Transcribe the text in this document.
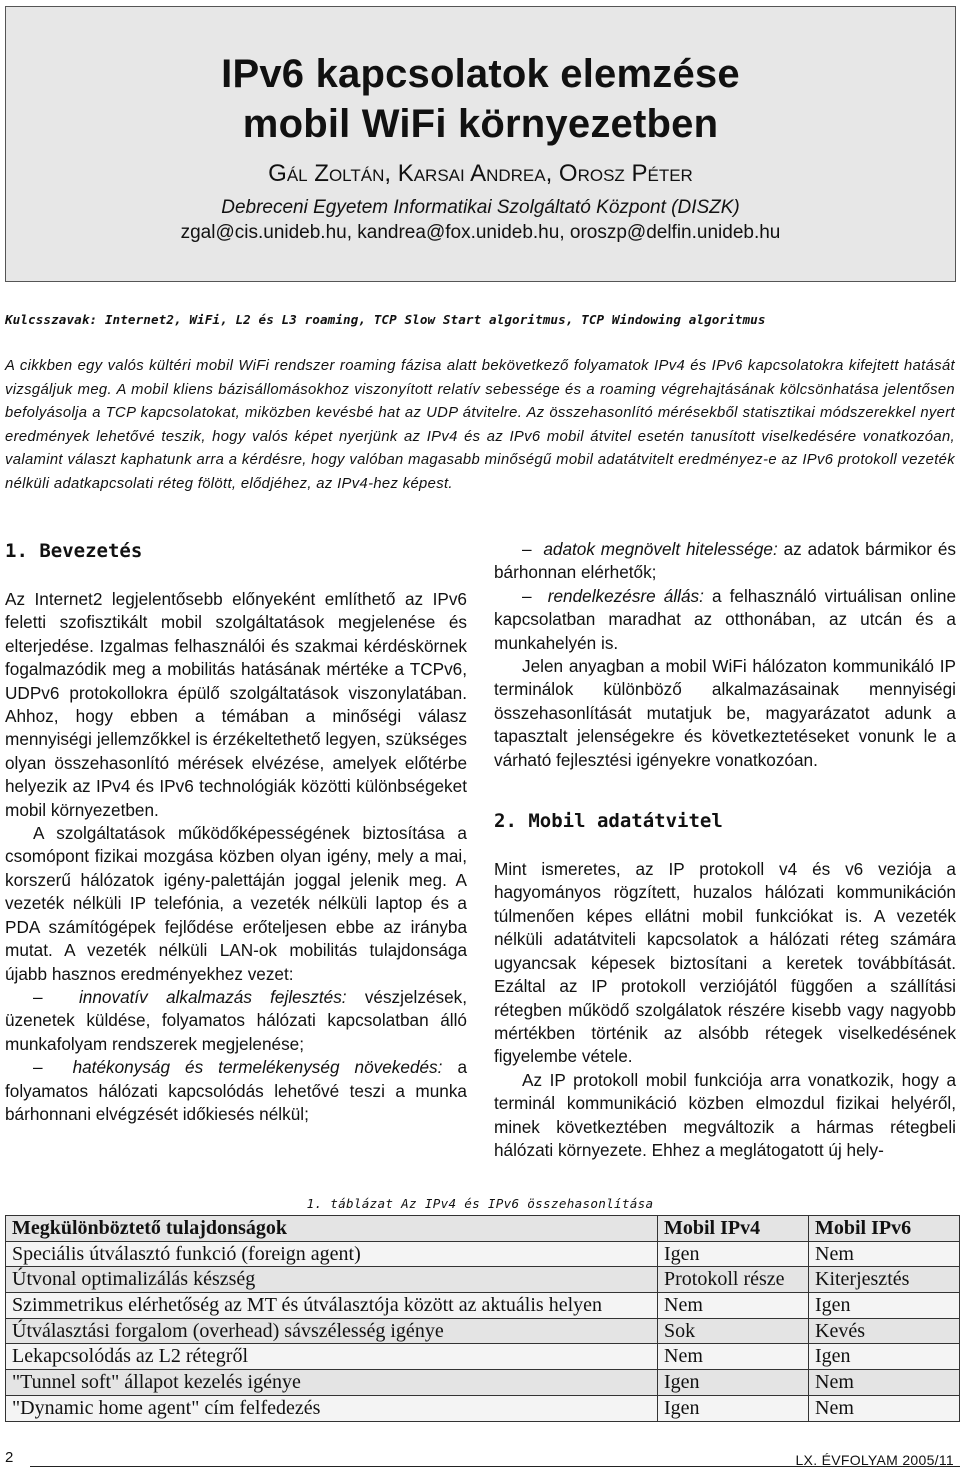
IPv6 kapcsolatok elemzése
mobil WiFi környezetben
Gál Zoltán, Karsai Andrea, Orosz Péter
Debreceni Egyetem Informatikai Szolgáltató Központ (DISZK)
zgal@cis.unideb.hu, kandrea@fox.unideb.hu, oroszp@delfin.unideb.hu
Kulcsszavak: Internet2, WiFi, L2 és L3 roaming, TCP Slow Start algoritmus, TCP Windowing algoritmus
A cikkben egy valós kültéri mobil WiFi rendszer roaming fázisa alatt bekövetkező folyamatok IPv4 és IPv6 kapcsolatokra kifejtett hatását vizsgáljuk meg. A mobil kliens bázisállomásokhoz viszonyított relatív sebessége és a roaming végrehajtásának kölcsönhatása jelentősen befolyásolja a TCP kapcsolatokat, miközben kevésbé hat az UDP átvitelre. Az összehasonlító mérésekből statisztikai módszerekkel nyert eredmények lehetővé teszik, hogy valós képet nyerjünk az IPv4 és az IPv6 mobil átvitel esetén tanusított viselkedésére vonatkozóan, valamint választ kaphatunk arra a kérdésre, hogy valóban magasabb minőségű mobil adatátvitelt eredményez-e az IPv6 protokoll vezeték nélküli adatkapcsolati réteg fölött, elődjéhez, az IPv4-hez képest.
1. Bevezetés

Az Internet2 legjelentősebb előnyeként említhető az IPv6 feletti szofisztikált mobil szolgáltatások megjelenése és elterjedése. Izgalmas felhasználói és szakmai kérdéskörnek fogalmazódik meg a mobilitás hatásának mértéke a TCPv6, UDPv6 protokollokra épülő szolgáltatások viszonylatában. Ahhoz, hogy ebben a témában a minőségi válasz mennyiségi jellemzőkkel is érzékeltethető legyen, szükséges olyan összehasonlító mérések elvézése, amelyek előtérbe helyezik az IPv4 és IPv6 technológiák közötti különbségeket mobil környezetben.

A szolgáltatások működőképességének biztosítása a csomópont fizikai mozgása közben olyan igény, mely a mai, korszerű hálózatok igény-palettáján joggal jelenik meg. A vezeték nélküli IP telefónia, a vezeték nélküli laptop és a PDA számítógépek fejlődése erőteljesen ebbe az irányba mutat. A vezeték nélküli LAN-ok mobilitás tulajdonsága újabb hasznos eredményekhez vezet:

–  innovatív alkalmazás fejlesztés: vészjelzések, üzenetek küldése, folyamatos hálózati kapcsolatban álló munkafolyam rendszerek megjelenése;

–  hatékonyság és termelékenység növekedés: a folyamatos hálózati kapcsolódás lehetővé teszi a munka bárhonnani elvégzését időkiesés nélkül;

–  adatok megnövelt hitelessége: az adatok bármikor és bárhonnan elérhetők;

–  rendelkezésre állás: a felhasználó virtuálisan online kapcsolatban maradhat az otthonában, az utcán és a munkahelyén is.

Jelen anyagban a mobil WiFi hálózaton kommunikáló IP terminálok különböző alkalmazásainak mennyiségi összehasonlítását mutatjuk be, magyarázatot adunk a tapasztalt jelenségekre és következtetéseket vonunk le a várható fejlesztési igényekre vonatkozóan.

2. Mobil adatátvitel

Mint ismeretes, az IP protokoll v4 és v6 veziója a hagyományos rögzített, huzalos hálózati kommunikáción túlmenően képes ellátni mobil funkciókat is. A vezeték nélküli adatátviteli kapcsolatok a hálózati réteg számára ugyancsak képesek biztosítani a keretek továbbítását. Ezáltal az IP protokoll verziójától függően a szállítási rétegben működő szolgálatok részére kisebb vagy nagyobb mértékben történik az alsóbb rétegek viselkedésének figyelembe vétele.

Az IP protokoll mobil funkciója arra vonatkozik, hogy a terminál kommunikáció közben elmozdul fizikai helyéről, minek következtében megváltozik a hármas rétegbeli hálózati környezete. Ehhez a meglátogatott új hely-

1. táblázat Az IPv4 és IPv6 összehasonlítása
Megkülönböztető tulajdonságok	Mobil IPv4	Mobil IPv6
Speciális útválasztó funkció (foreign agent)	Igen	Nem
Útvonal optimalizálás készség	Protokoll része	Kiterjesztés
Szimmetrikus elérhetőség az MT és útválasztója között az aktuális helyen	Nem	Igen
Útválasztási forgalom (overhead) sávszélesség igénye	Sok	Kevés
Lekapcsolódás az L2 rétegről	Nem	Igen
"Tunnel soft" állapot kezelés igénye	Igen	Nem
"Dynamic home agent" cím felfedezés	Igen	Nem
2	LX. ÉVFOLYAM 2005/11
